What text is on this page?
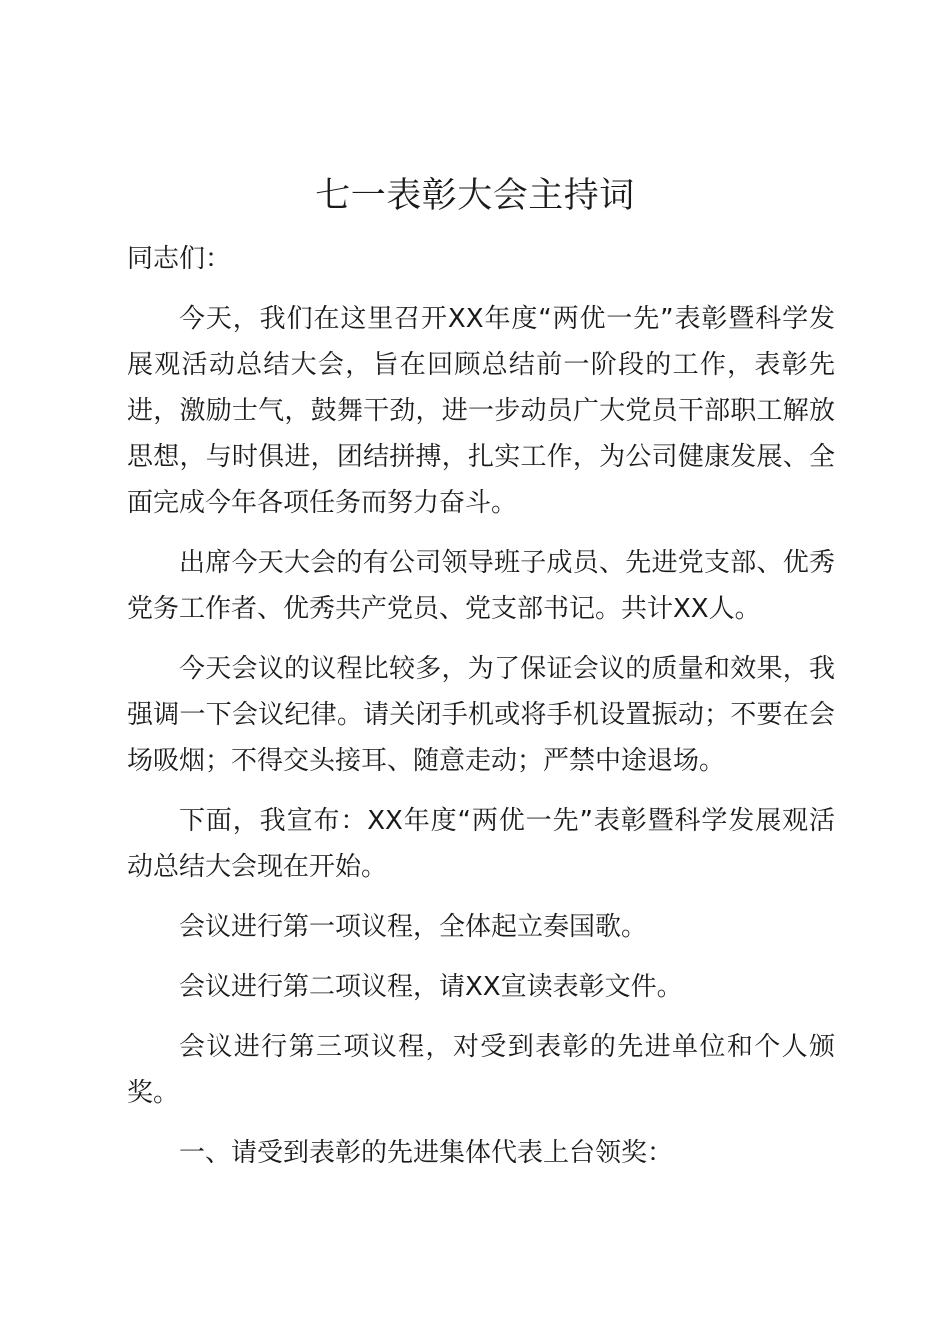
七一表彰大会主持词

同志们：

今天，我们在这里召开XX年度“两优一先”表彰暨科学发展观活动总结大会，旨在回顾总结前一阶段的工作，表彰先进，激励士气，鼓舞干劲，进一步动员广大党员干部职工解放思想，与时俱进，团结拼搏，扎实工作，为公司健康发展、全面完成今年各项任务而努力奋斗。

出席今天大会的有公司领导班子成员、先进党支部、优秀党务工作者、优秀共产党员、党支部书记。共计XX人。

今天会议的议程比较多，为了保证会议的质量和效果，我强调一下会议纪律。请关闭手机或将手机设置振动；不要在会场吸烟；不得交头接耳、随意走动；严禁中途退场。

下面，我宣布：XX年度“两优一先”表彰暨科学发展观活动总结大会现在开始。

会议进行第一项议程，全体起立奏国歌。

会议进行第二项议程，请XX宣读表彰文件。

会议进行第三项议程，对受到表彰的先进单位和个人颁奖。

一、请受到表彰的先进集体代表上台领奖：
